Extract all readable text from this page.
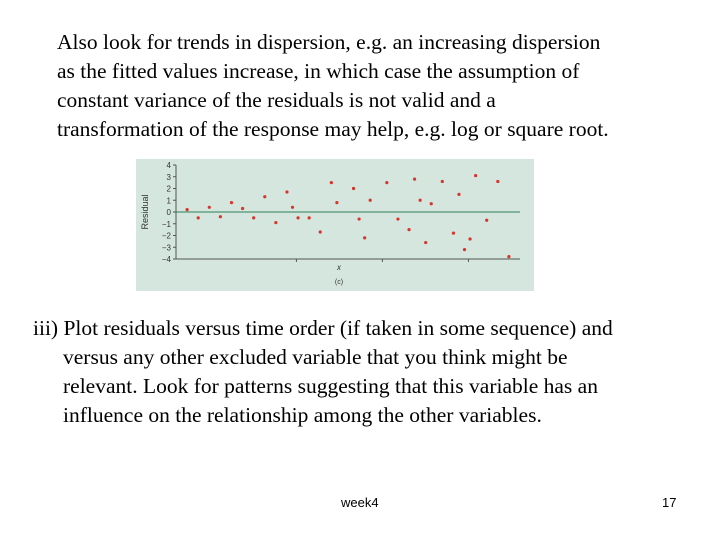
Also look for trends in dispersion, e.g. an increasing dispersion
as the fitted values increase, in which case the assumption of
constant variance of the residuals is not valid and a
transformation of the response may help, e.g. log or square root.
Residual
x
(c)
4
3
2
1
0
−1
−2
−3
−4
iii) Plot residuals versus time order (if taken in some sequence) and
versus any other excluded variable that you think might be
relevant. Look for patterns suggesting that this variable has an
influence on the relationship among the other variables.
week4	17
